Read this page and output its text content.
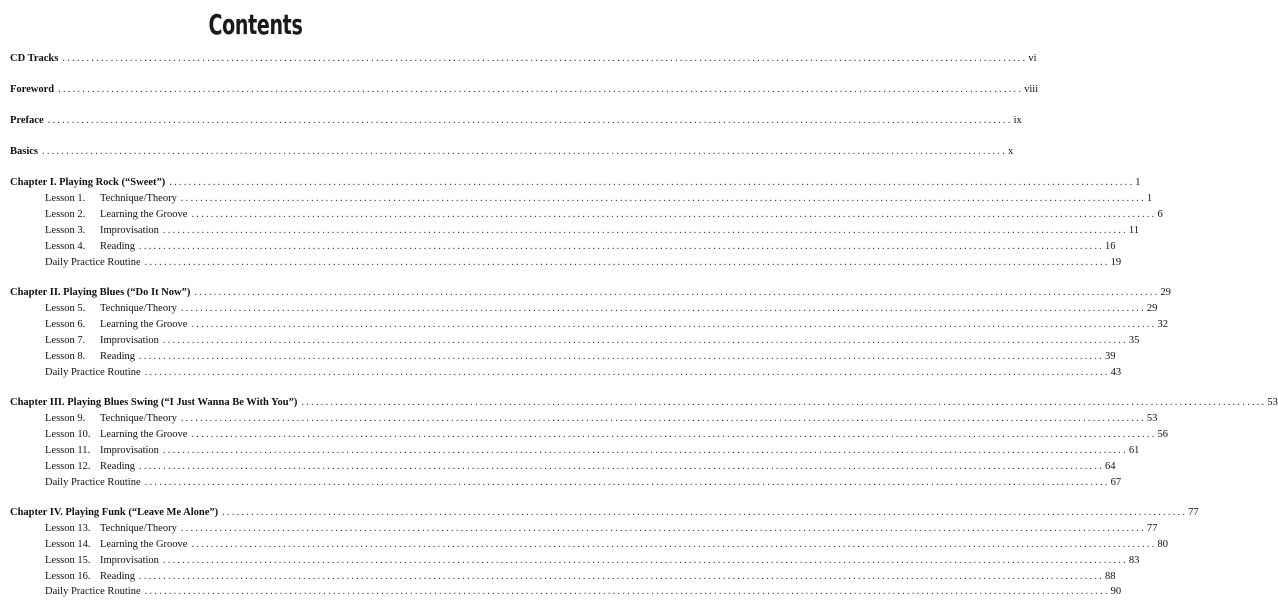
Contents
CD Tracks ........................................................................................................................................................................................................ vi
Foreword ........................................................................................................................................................................................................ viii
Preface ........................................................................................................................................................................................................ ix
Basics ........................................................................................................................................................................................................ x
Chapter I. Playing Rock (“Sweet”) ........................................................................................................................................................................................................ 1
Lesson 1. Technique/Theory ........................................................................................................................................................................................................ 1
Lesson 2. Learning the Groove ........................................................................................................................................................................................................ 6
Lesson 3. Improvisation ........................................................................................................................................................................................................ 11
Lesson 4. Reading ........................................................................................................................................................................................................ 16
Daily Practice Routine ........................................................................................................................................................................................................ 19
Chapter II. Playing Blues (“Do It Now”) ........................................................................................................................................................................................................ 29
Lesson 5. Technique/Theory ........................................................................................................................................................................................................ 29
Lesson 6. Learning the Groove ........................................................................................................................................................................................................ 32
Lesson 7. Improvisation ........................................................................................................................................................................................................ 35
Lesson 8. Reading ........................................................................................................................................................................................................ 39
Daily Practice Routine ........................................................................................................................................................................................................ 43
Chapter III. Playing Blues Swing (“I Just Wanna Be With You”) ........................................................................................................................................................................................................ 53
Lesson 9. Technique/Theory ........................................................................................................................................................................................................ 53
Lesson 10. Learning the Groove ........................................................................................................................................................................................................ 56
Lesson 11. Improvisation ........................................................................................................................................................................................................ 61
Lesson 12. Reading ........................................................................................................................................................................................................ 64
Daily Practice Routine ........................................................................................................................................................................................................ 67
Chapter IV. Playing Funk (“Leave Me Alone”) ........................................................................................................................................................................................................ 77
Lesson 13. Technique/Theory ........................................................................................................................................................................................................ 77
Lesson 14. Learning the Groove ........................................................................................................................................................................................................ 80
Lesson 15. Improvisation ........................................................................................................................................................................................................ 83
Lesson 16. Reading ........................................................................................................................................................................................................ 88
Daily Practice Routine ........................................................................................................................................................................................................ 90
